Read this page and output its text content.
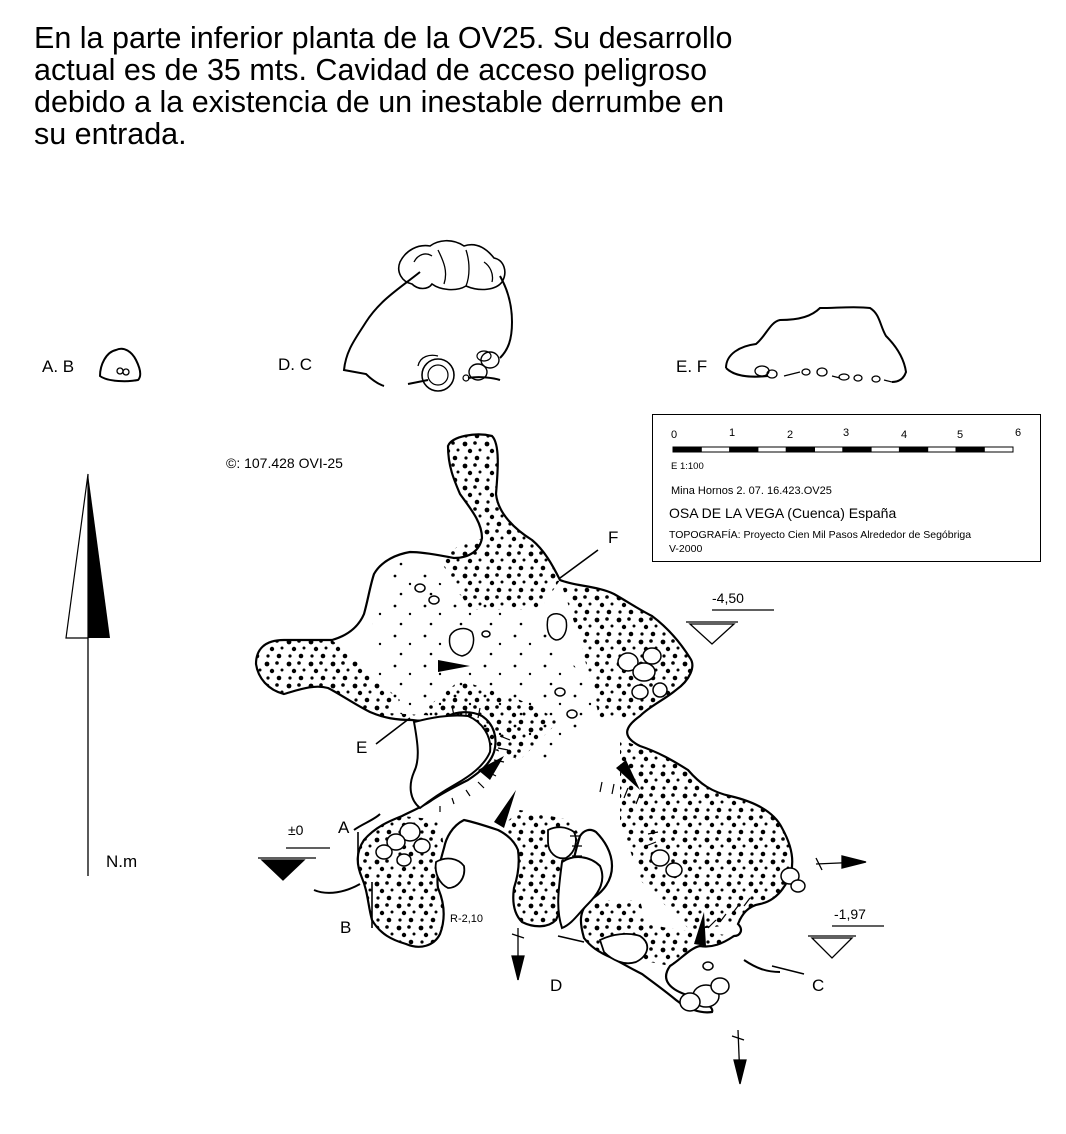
En la parte inferior planta de la OV25. Su desarrollo
actual es de 35 mts. Cavidad de acceso peligroso
debido a la existencia de un inestable derrumbe en
su entrada.
A. B	D. C	E. F
©: 107.428 OVI-25
N.m
±0
-4,50
-1,97
R-2,10
A
B
C
D
E
F
0	1	2	3	4	5	6
E 1:100
Mina Hornos 2. 07. 16.423.OV25
OSA DE LA VEGA (Cuenca) España
TOPOGRAFÍA: Proyecto Cien Mil Pasos Alrededor de Segóbriga
V-2000
